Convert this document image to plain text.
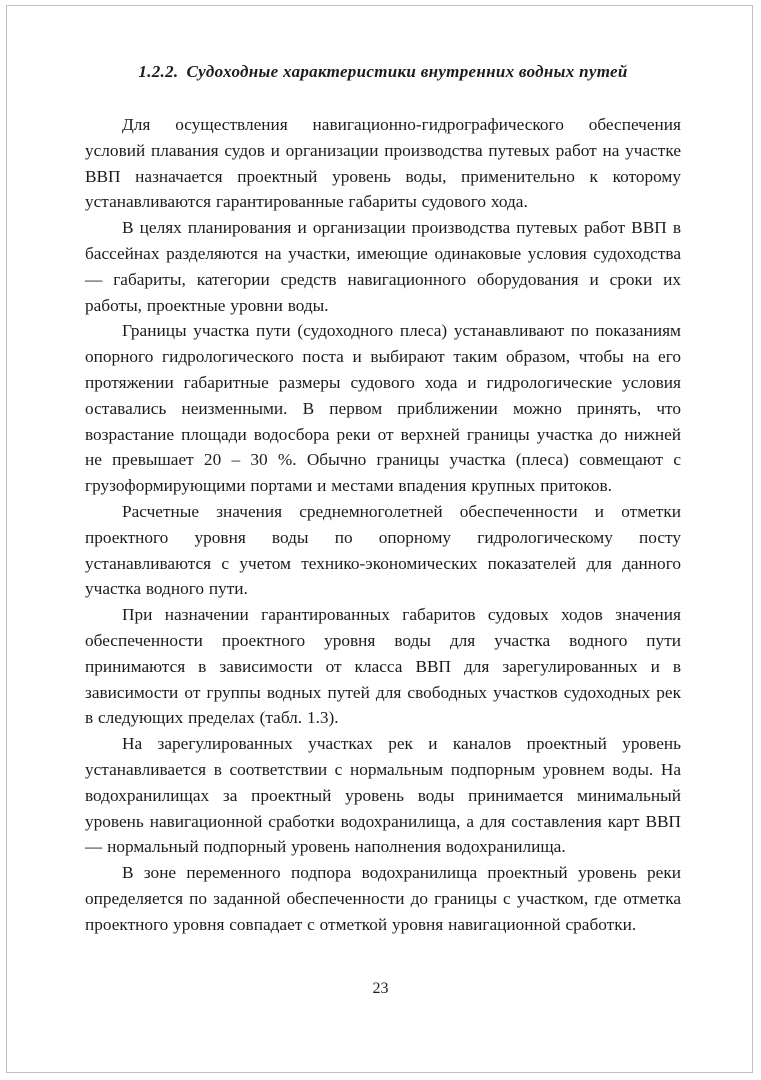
1.2.2. Судоходные характеристики внутренних водных путей

Для осуществления навигационно-гидрографического обеспечения условий плавания судов и организации производства путевых работ на участке ВВП назначается проектный уровень воды, применительно к которому устанавливаются гарантированные габариты судового хода.

В целях планирования и организации производства путевых работ ВВП в бассейнах разделяются на участки, имеющие одинаковые условия судоходства — габариты, категории средств навигационного оборудования и сроки их работы, проектные уровни воды.

Границы участка пути (судоходного плеса) устанавливают по показаниям опорного гидрологического поста и выбирают таким образом, чтобы на его протяжении габаритные размеры судового хода и гидрологические условия оставались неизменными. В первом приближении можно принять, что возрастание площади водосбора реки от верхней границы участка до нижней не превышает 20 – 30 %. Обычно границы участка (плеса) совмещают с грузоформирующими портами и местами впадения крупных притоков.

Расчетные значения среднемноголетней обеспеченности и отметки проектного уровня воды по опорному гидрологическому посту устанавливаются с учетом технико-экономических показателей для данного участка водного пути.

При назначении гарантированных габаритов судовых ходов значения обеспеченности проектного уровня воды для участка водного пути принимаются в зависимости от класса ВВП для зарегулированных и в зависимости от группы водных путей для свободных участков судоходных рек в следующих пределах (табл. 1.3).

На зарегулированных участках рек и каналов проектный уровень устанавливается в соответствии с нормальным подпорным уровнем воды. На водохранилищах за проектный уровень воды принимается минимальный уровень навигационной сработки водохранилища, а для составления карт ВВП — нормальный подпорный уровень наполнения водохранилища.

В зоне переменного подпора водохранилища проектный уровень реки определяется по заданной обеспеченности до границы с участком, где отметка проектного уровня совпадает с отметкой уровня навигационной сработки.

23
